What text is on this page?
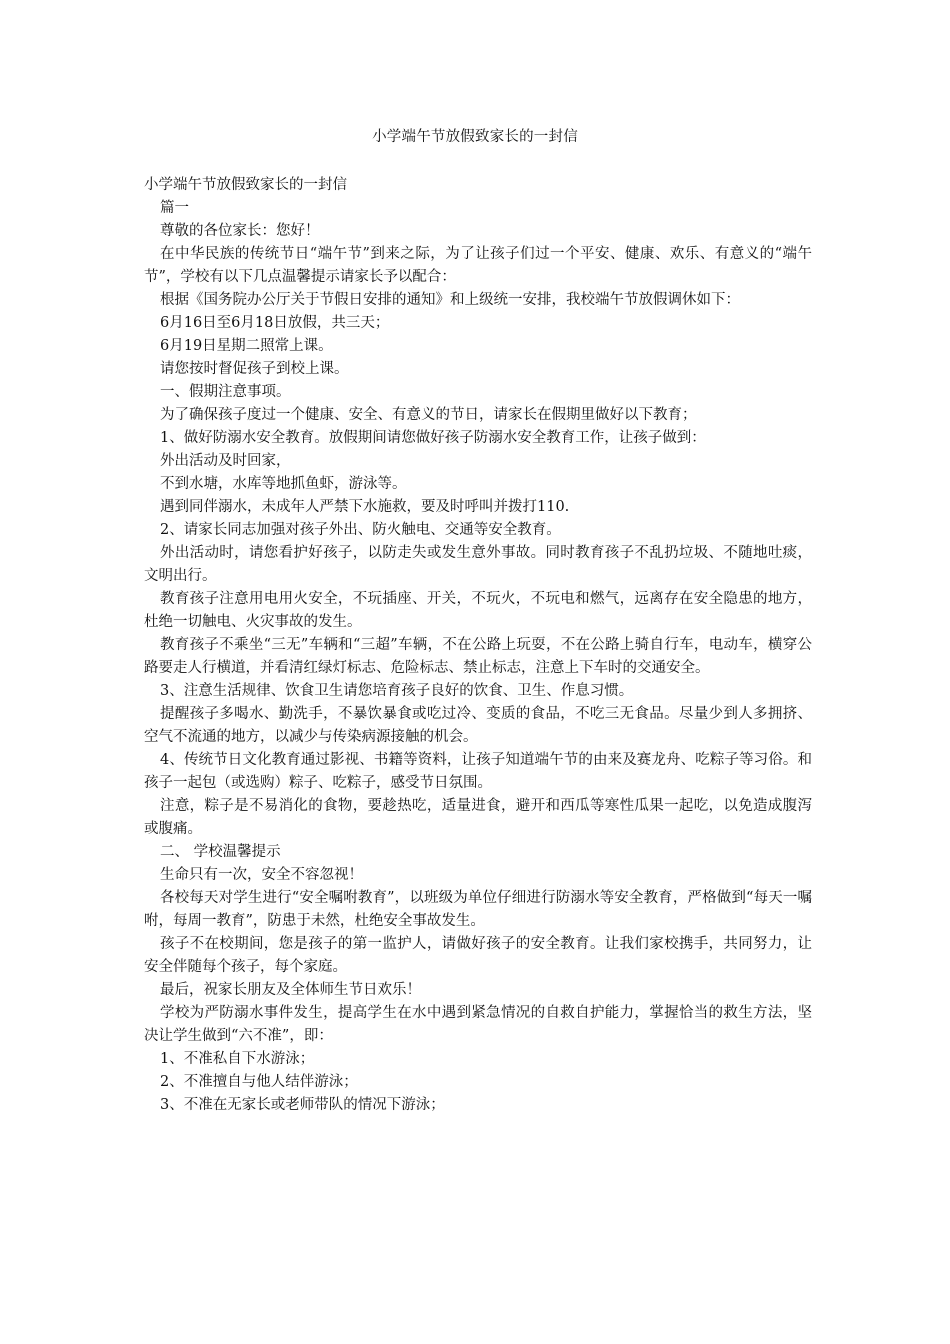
小学端午节放假致家长的一封信

小学端午节放假致家长的一封信

篇一

尊敬的各位家长：您好！

在中华民族的传统节日“端午节”到来之际，为了让孩子们过一个平安、健康、欢乐、有意义的“端午节”，学校有以下几点温馨提示请家长予以配合：

根据《国务院办公厅关于节假日安排的通知》和上级统一安排，我校端午节放假调休如下：

6月16日至6月18日放假，共三天；

6月19日星期二照常上课。

请您按时督促孩子到校上课。

一、假期注意事项。

为了确保孩子度过一个健康、安全、有意义的节日，请家长在假期里做好以下教育；

1、做好防溺水安全教育。放假期间请您做好孩子防溺水安全教育工作，让孩子做到：

外出活动及时回家，

不到水塘，水库等地抓鱼虾，游泳等。

遇到同伴溺水，未成年人严禁下水施救，要及时呼叫并拨打110.

2、请家长同志加强对孩子外出、防火触电、交通等安全教育。

外出活动时，请您看护好孩子，以防走失或发生意外事故。同时教育孩子不乱扔垃圾、不随地吐痰，文明出行。

教育孩子注意用电用火安全，不玩插座、开关，不玩火，不玩电和燃气，远离存在安全隐患的地方，杜绝一切触电、火灾事故的发生。

教育孩子不乘坐“三无”车辆和“三超”车辆，不在公路上玩耍，不在公路上骑自行车，电动车，横穿公路要走人行横道，并看清红绿灯标志、危险标志、禁止标志，注意上下车时的交通安全。

3、注意生活规律、饮食卫生请您培育孩子良好的饮食、卫生、作息习惯。

提醒孩子多喝水、勤洗手，不暴饮暴食或吃过冷、变质的食品，不吃三无食品。尽量少到人多拥挤、空气不流通的地方，以减少与传染病源接触的机会。

4、传统节日文化教育通过影视、书籍等资料，让孩子知道端午节的由来及赛龙舟、吃粽子等习俗。和孩子一起包（或选购）粽子、吃粽子，感受节日氛围。

注意，粽子是不易消化的食物，要趁热吃，适量进食，避开和西瓜等寒性瓜果一起吃，以免造成腹泻或腹痛。

二、 学校温馨提示

生命只有一次，安全不容忽视！

各校每天对学生进行“安全嘱咐教育”，以班级为单位仔细进行防溺水等安全教育，严格做到“每天一嘱咐，每周一教育”，防患于未然，杜绝安全事故发生。

孩子不在校期间，您是孩子的第一监护人，请做好孩子的安全教育。让我们家校携手，共同努力，让安全伴随每个孩子，每个家庭。

最后，祝家长朋友及全体师生节日欢乐！

学校为严防溺水事件发生，提高学生在水中遇到紧急情况的自救自护能力，掌握恰当的救生方法，坚决让学生做到“六不准”，即：

1、不准私自下水游泳；

2、不准擅自与他人结伴游泳；

3、不准在无家长或老师带队的情况下游泳；
